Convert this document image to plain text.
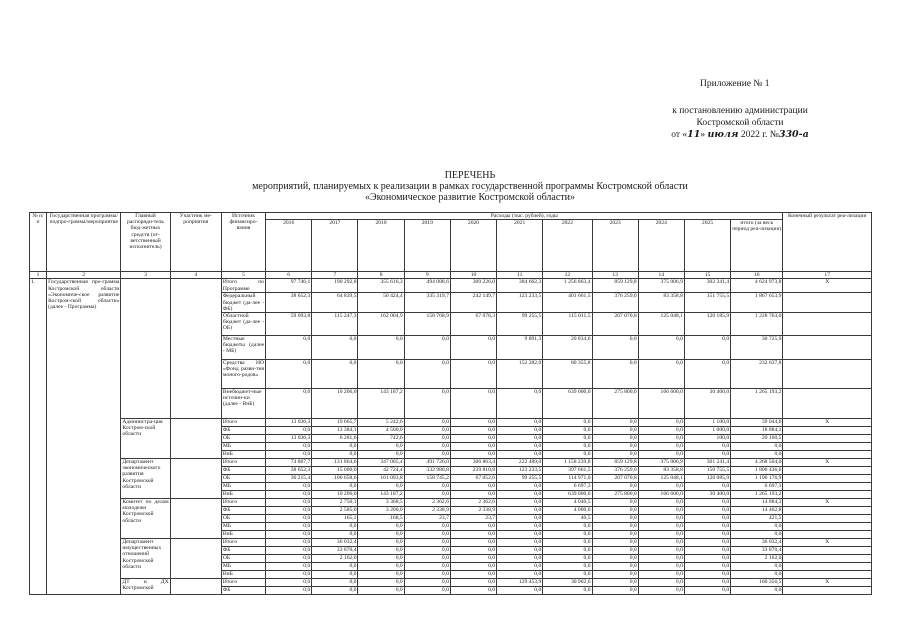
Приложение № 1
к постановлению администрации
Костромской области
от «11» июля 2022 г. №330-а
ПЕРЕЧЕНЬ
мероприятий, планируемых к реализации в рамках государственной программы Костромской области
«Экономическое развитие Костромской области»
№ п/п	Государственная программа/ подпро-грамма/мероприятие	Главный распоряди-тель бюд-жетных средств (от-ветственный исполнитель)	Участник ме-роприятия	Источник финансиро-вания	Расходы (тыс. рублей), годы											Конечный результат реа-лизации
					2016	2017	2018	2019	2020	2021	2022	2023	2024	2025	итого (за весь период реа-лизации)	
1	2	3	4	5	6	7	8	9	10	11	12	13	14	15	16	17
1.	Государственная про-грамма Костромской области «Экономиче-ское развитие Костром-ской области» (далее - Программа)			Итого по Программе	97 746,1	190 292,8	355 616,3	494 088,6	309 226,0	384 662,3	1 256 863,4	859 129,8	375 006,9	302 341,4	4 624 973,8	X
				Федеральный бюджет (да-лее - ФБ)	38 652,3	64 839,5	50 424,4	335 319,7	242 149,7	123 233,5	401 661,5	376 259,0	83 358,8	151 755,5	1 867 653,9	
				Областной бюджет (да-лее - ОБ)	59 093,8	115 247,3	162 004,9	158 768,9	67 076,3	99 255,5	115 011,5	207 070,8	125 048,1	120 185,9	1 228 763,0	
				Местные бюджеты (далее - МБ)	0,0	0,0	0,0	0,0	0,0	9 891,3	20 834,6	0,0	0,0	0,0	30 725,9	
				Средства НО «Фонд разви-тия моного-родов»	0,0	0,0	0,0	0,0	0,0	152 282,0	80 355,8	0,0	0,0	0,0	232 637,8	
				Внебюджет-ные источни-ки (далее - ВнБ)	0,0	10 206,0	143 187,2	0,0	0,0	0,0	639 000,0	275 800,0	166 600,0	30 400,0	1 265 193,2	
		Администра-ция Костром-ской области		Итого	13 036,3	19 665,7	5 242,6	0,0	0,0	0,0	0,0	0,0	0,0	1 100,0	39 044,6	X
				ФБ	0,0	13 384,1	4 500,0	0,0	0,0	0,0	0,0	0,0	0,0	1 000,0	18 884,1	
				ОБ	13 036,3	6 281,6	742,6	0,0	0,0	0,0	0,0	0,0	0,0	100,0	20 160,5	
				МБ	0,0	0,0	0,0	0,0	0,0	0,0	0,0	0,0	0,0	0,0	0,0	
				ВнБ	0,0	0,0	0,0	0,0	0,0	0,0	0,0	0,0	0,0	0,0	0,0	
		Департамент экономического развития Костромской области		Итого	74 867,7	131 864,6	347 005,4	491 726,0	306 863,4	222 489,0	1 158 239,8	859 129,8	375 006,9	301 241,4	4 268 504,0	X
				ФБ	38 652,3	15 000,0	42 724,4	332 980,8	239 810,8	123 233,5	397 661,5	376 259,0	83 358,8	150 755,5	1 800 436,6	
				ОБ	36 215,4	106 658,6	161 093,8	158 745,2	67 052,6	99 255,5	114 971,0	207 070,8	125 048,1	120 085,9	1 196 176,9	
				МБ	0,0	0,0	0,0	0,0	0,0	0,0	6 697,3	0,0	0,0	0,0	6 697,3	
				ВнБ	0,0	10 206,0	143 187,2	0,0	0,0	0,0	639 000,0	275 800,0	166 600,0	30 400,0	1 265 193,2	
		Комитет по делам молодежи Костромской области		Итого	0,0	2 750,1	3 368,5	2 362,6	2 362,6	0,0	4 040,5	0,0	0,0	0,0	14 884,3	X
				ФБ	0,0	2 585,0	3 200,0	2 338,9	2 338,9	0,0	4 000,0	0,0	0,0	0,0	14 462,8	
				ОБ	0,0	165,1	168,5	23,7	23,7	0,0	40,5	0,0	0,0	0,0	421,5	
				МБ	0,0	0,0	0,0	0,0	0,0	0,0	0,0	0,0	0,0	0,0	0,0	
				ВнБ	0,0	0,0	0,0	0,0	0,0	0,0	0,0	0,0	0,0	0,0	0,0	
		Департамент имущественных отношений Костромской области		Итого	0,0	36 032,4	0,0	0,0	0,0	0,0	0,0	0,0	0,0	0,0	36 032,4	X
				ФБ	0,0	33 870,4	0,0	0,0	0,0	0,0	0,0	0,0	0,0	0,0	33 870,4	
				ОБ	0,0	2 162,0	0,0	0,0	0,0	0,0	0,0	0,0	0,0	0,0	2 162,0	
				МБ	0,0	0,0	0,0	0,0	0,0	0,0	0,0	0,0	0,0	0,0	0,0	
				ВнБ	0,0	0,0	0,0	0,0	0,0	0,0	0,0	0,0	0,0	0,0	0,0	
		ДТ и ДХ Костромской		Итого	0,0	0,0	0,0	0,0	0,0	129 453,9	30 902,6	0,0	0,0	0,0	160 356,5	X
				ФБ	0,0	0,0	0,0	0,0	0,0	0,0	0,0	0,0	0,0	0,0	0,0	
